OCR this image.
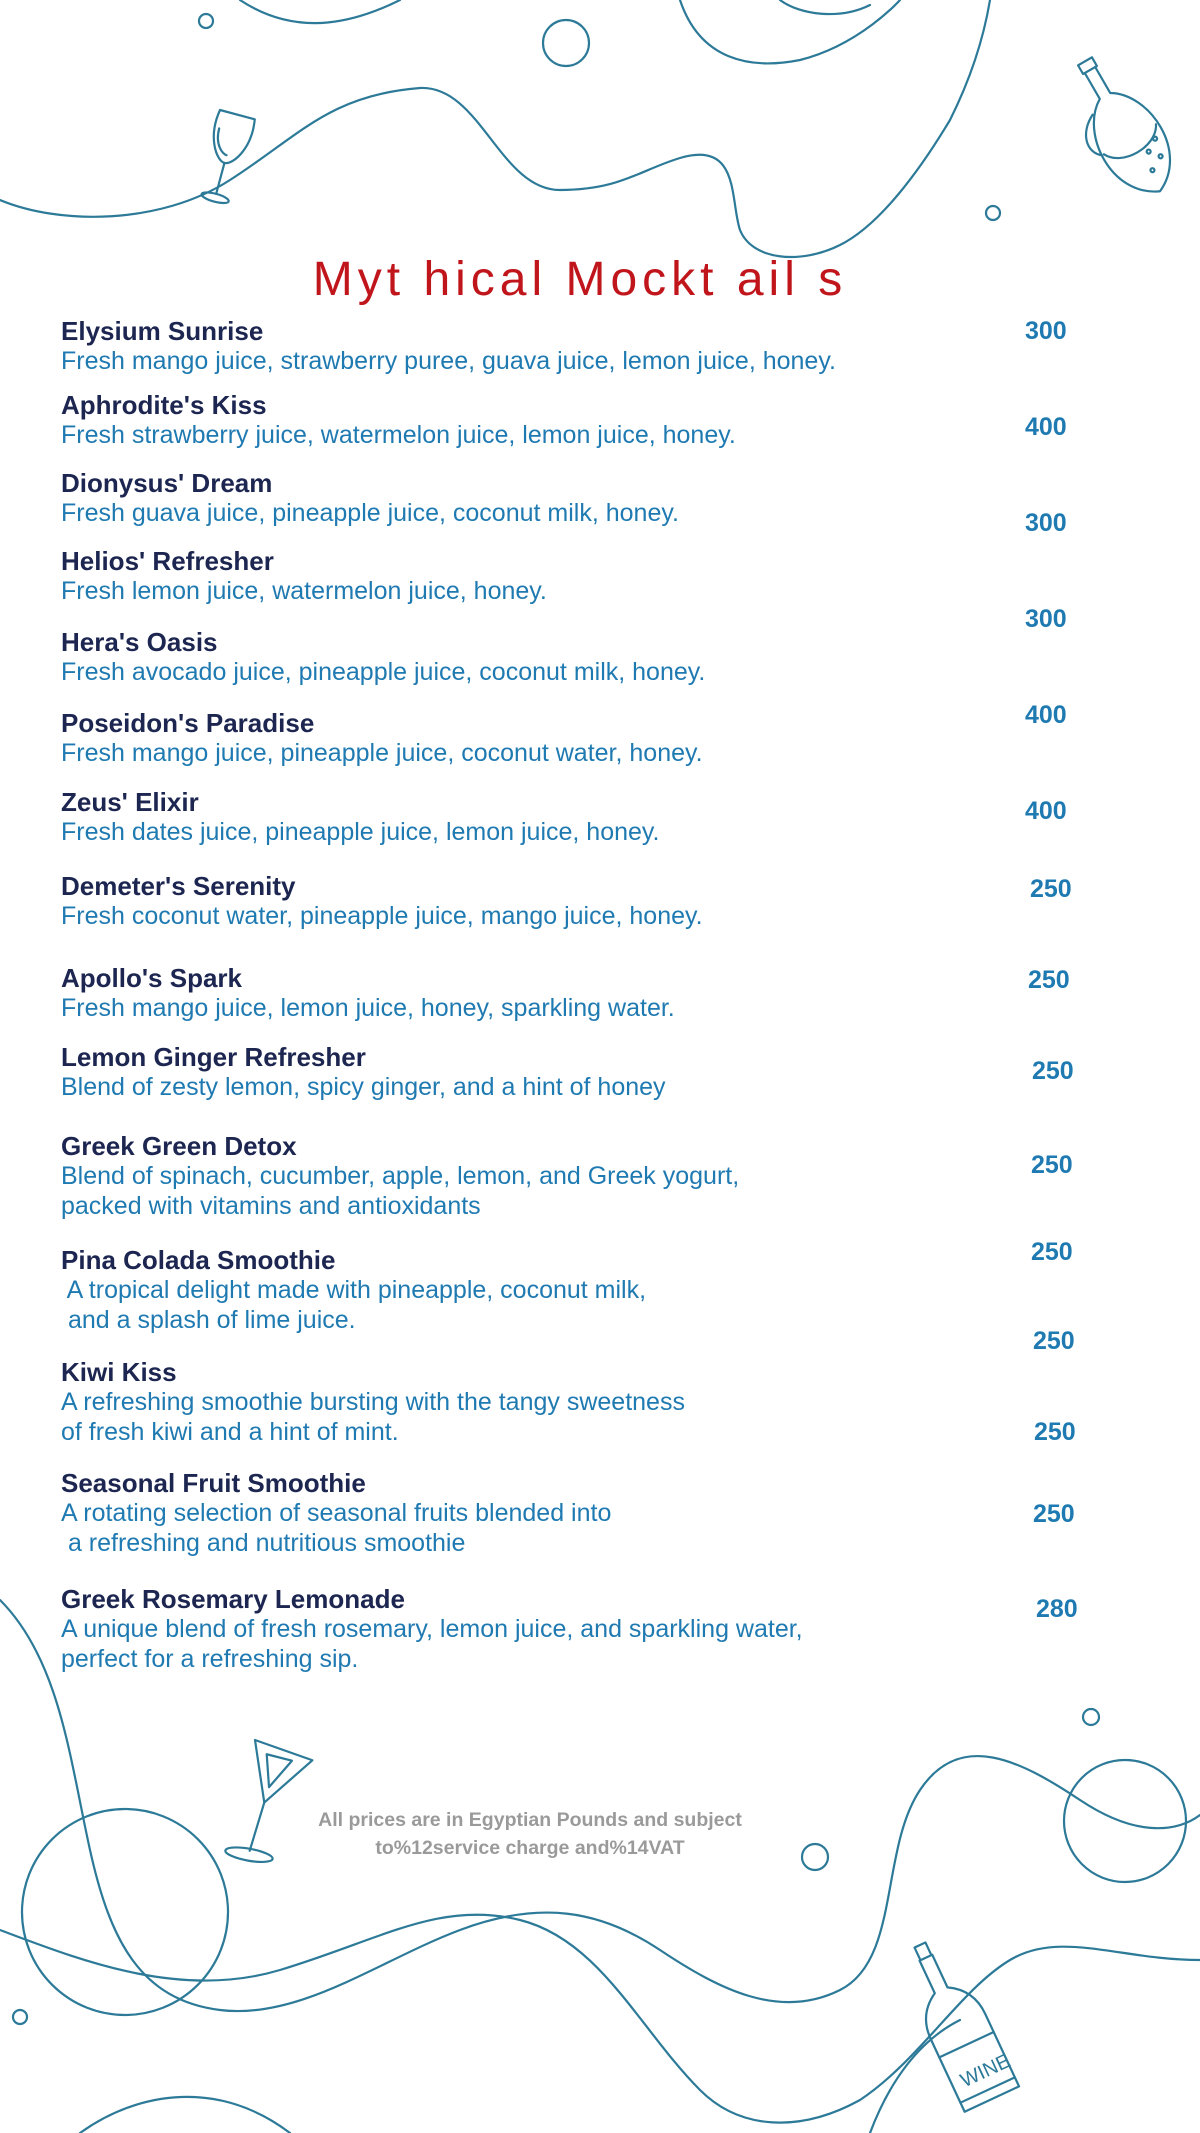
WINE
Myt hical Mockt ail s
Elysium Sunrise
Fresh mango juice, strawberry puree, guava juice, lemon juice, honey.
Aphrodite's Kiss
Fresh strawberry juice, watermelon juice, lemon juice, honey.
Dionysus' Dream
Fresh guava juice, pineapple juice, coconut milk, honey.
Helios' Refresher
Fresh lemon juice, watermelon juice, honey.
Hera's Oasis
Fresh avocado juice, pineapple juice, coconut milk, honey.
Poseidon's Paradise
Fresh mango juice, pineapple juice, coconut water, honey.
Zeus' Elixir
Fresh dates juice, pineapple juice, lemon juice, honey.
Demeter's Serenity
Fresh coconut water, pineapple juice, mango juice, honey.
Apollo's Spark
Fresh mango juice, lemon juice, honey, sparkling water.
Lemon Ginger Refresher
Blend of zesty lemon, spicy ginger, and a hint of honey
Greek Green Detox
Blend of spinach, cucumber, apple, lemon, and Greek yogurt,
packed with vitamins and antioxidants
Pina Colada Smoothie
A tropical delight made with pineapple, coconut milk,
and a splash of lime juice.
Kiwi Kiss
A refreshing smoothie bursting with the tangy sweetness
of fresh kiwi and a hint of mint.
Seasonal Fruit Smoothie
A rotating selection of seasonal fruits blended into
a refreshing and nutritious smoothie
Greek Rosemary Lemonade
A unique blend of fresh rosemary, lemon juice, and sparkling water,
perfect for a refreshing sip.
300
400
300
300
400
400
250
250
250
250
250
250
250
250
280
All prices are in Egyptian Pounds and subject
to%12service charge and%14VAT
